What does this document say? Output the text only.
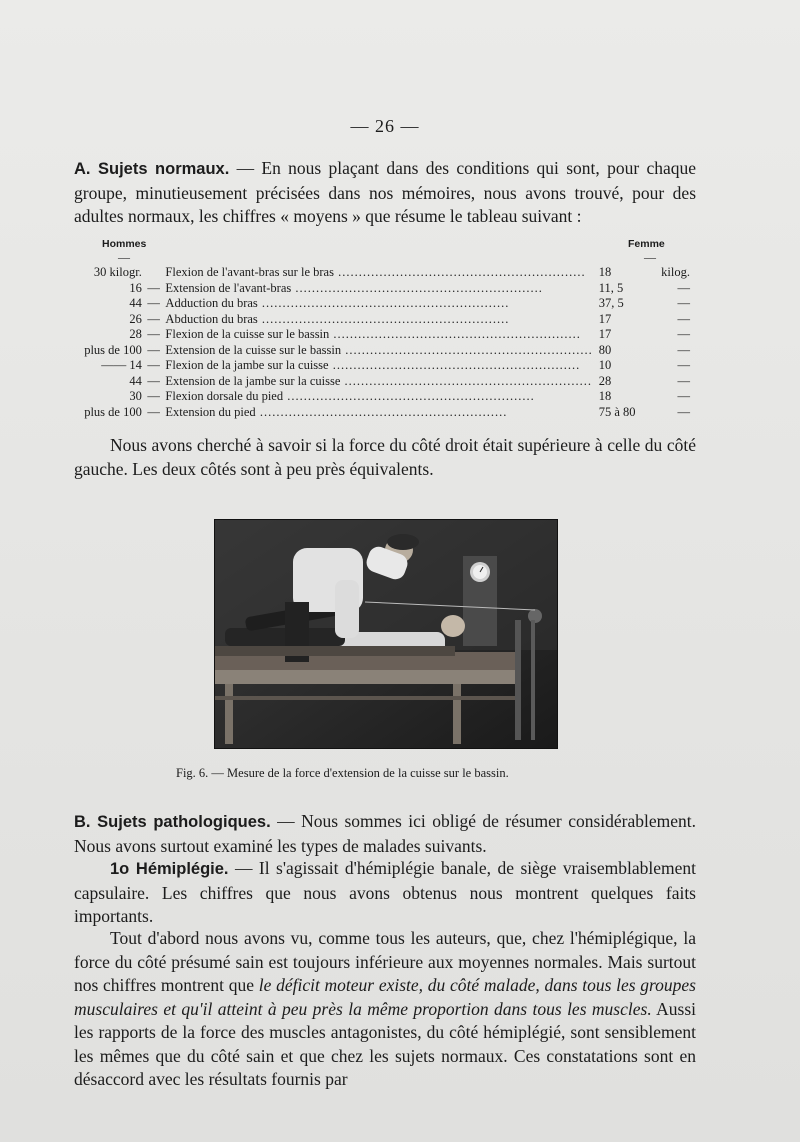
— 26 —

A. Sujets normaux. — En nous plaçant dans des conditions qui sont, pour chaque groupe, minutieusement précisées dans nos mémoires, nous avons trouvé, pour des adultes normaux, les chiffres « moyens » que résume le tableau suivant :

Hommes
—
Femme
—
30 kilogr.		Flexion de l'avant-bras sur le bras ............................................................	18	kilog.
16	—	Extension de l'avant-bras ............................................................	11, 5	—
44	—	Adduction du bras ............................................................	37, 5	—
26	—	Abduction du bras ............................................................	17	—
28	—	Flexion de la cuisse sur le bassin ............................................................	17	—
plus de 100	—	Extension de la cuisse sur le bassin ............................................................	80	—
—— 14	—	Flexion de la jambe sur la cuisse ............................................................	10	—
44	—	Extension de la jambe sur la cuisse ............................................................	28	—
30	—	Flexion dorsale du pied ............................................................	18	—
plus de 100	—	Extension du pied ............................................................	75 à 80	—

Nous avons cherché à savoir si la force du côté droit était supérieure à celle du côté gauche. Les deux côtés sont à peu près équivalents.

Fig. 6. — Mesure de la force d'extension de la cuisse sur le bassin.

B. Sujets pathologiques. — Nous sommes ici obligé de résumer considérablement. Nous avons surtout examiné les types de malades suivants.

1o Hémiplégie. — Il s'agissait d'hémiplégie banale, de siège vraisemblablement capsulaire. Les chiffres que nous avons obtenus nous montrent quelques faits importants.

Tout d'abord nous avons vu, comme tous les auteurs, que, chez l'hémiplégique, la force du côté présumé sain est toujours inférieure aux moyennes normales. Mais surtout nos chiffres montrent que le déficit moteur existe, du côté malade, dans tous les groupes musculaires et qu'il atteint à peu près la même proportion dans tous les muscles. Aussi les rapports de la force des muscles antagonistes, du côté hémiplégié, sont sensiblement les mêmes que du côté sain et que chez les sujets normaux. Ces constatations sont en désaccord avec les résultats fournis par
